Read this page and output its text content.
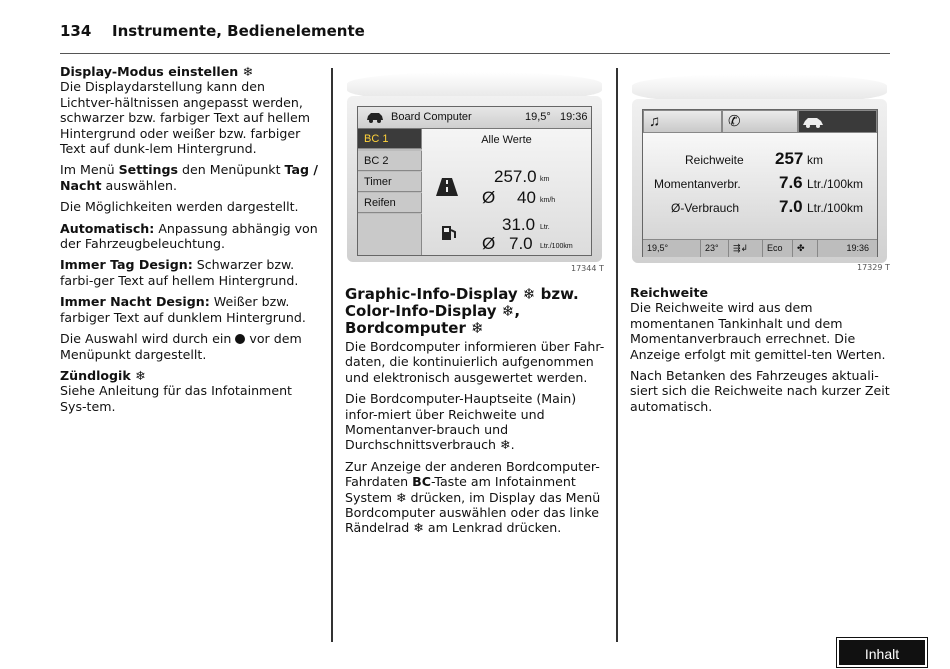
134 Instrumente, Bedienelemente
Display-Modus einstellen ❄

Die Displaydarstellung kann den Lichtver-hältnissen angepasst werden, schwarzer bzw. farbiger Text auf hellem Hintergrund oder weißer bzw. farbiger Text auf dunk-lem Hintergrund.

Im Menü Settings den Menüpunkt Tag / Nacht auswählen.

Die Möglichkeiten werden dargestellt.

Automatisch: Anpassung abhängig von der Fahrzeugbeleuchtung.

Immer Tag Design: Schwarzer bzw. farbi-ger Text auf hellem Hintergrund.

Immer Nacht Design: Weißer bzw. farbiger Text auf dunklem Hintergrund.

Die Auswahl wird durch ein  vor dem Menüpunkt dargestellt.

Zündlogik ❄

Siehe Anleitung für das Infotainment Sys-tem.

Board Computer	19,5° 19:36
BC 1
BC 2
Timer
Reifen
Alle Werte
257.0 km
Ø 40 km/h
31.0 Ltr.
Ø 7.0 Ltr./100km
17344 T
Graphic-Info-Display ❄ bzw. Color-Info-Display ❄, Bordcomputer ❄

Die Bordcomputer informieren über Fahr-daten, die kontinuierlich aufgenommen und elektronisch ausgewertet werden.

Die Bordcomputer-Hauptseite (Main) infor-miert über Reichweite und Momentanver-brauch und Durchschnittsverbrauch ❄.

Zur Anzeige der anderen Bordcomputer-Fahrdaten BC-Taste am Infotainment System ❄ drücken, im Display das Menü Bordcomputer auswählen oder das linke Rändelrad ❄ am Lenkrad drücken.

♫	✆
Reichweite 257 km
Momentanverbr. 7.6 Ltr./100km
Ø-Verbrauch 7.0 Ltr./100km
19,5°	23°	⇶↲	Eco	✤	19:36
17329 T
Reichweite

Die Reichweite wird aus dem momentanen Tankinhalt und dem Momentanverbrauch errechnet. Die Anzeige erfolgt mit gemittel-ten Werten.

Nach Betanken des Fahrzeuges aktuali-siert sich die Reichweite nach kurzer Zeit automatisch.

Inhalt
